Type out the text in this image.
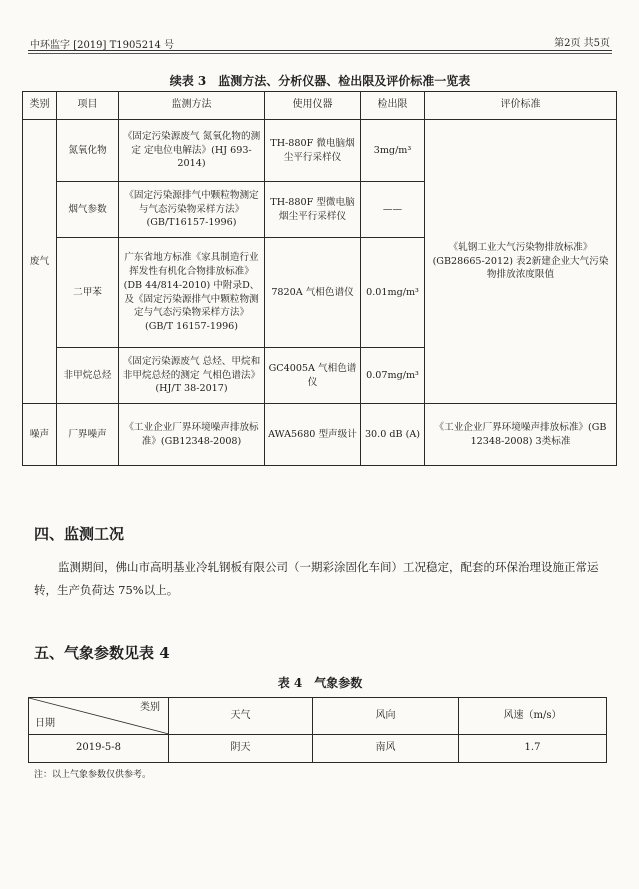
中环监字 [2019] T1905214 号	第2页 共5页
续表 3　监测方法、分析仪器、检出限及评价标准一览表
类别	项目	监测方法	使用仪器	检出限	评价标准
废气	氮氧化物	《固定污染源废气 氮氧化物的测定 定电位电解法》(HJ 693-2014)	TH-880F 微电脑烟尘平行采样仪	3mg/m³	《轧钢工业大气污染物排放标准》(GB28665-2012) 表2新建企业大气污染物排放浓度限值
	烟气参数	《固定污染源排气中颗粒物测定与气态污染物采样方法》(GB/T16157-1996)	TH-880F 型微电脑烟尘平行采样仪	——	
	二甲苯	广东省地方标准《家具制造行业挥发性有机化合物排放标准》(DB 44/814-2010) 中附录D、及《固定污染源排气中颗粒物测定与气态污染物采样方法》(GB/T 16157-1996)	7820A 气相色谱仪	0.01mg/m³	
	非甲烷总烃	《固定污染源废气 总烃、甲烷和非甲烷总烃的测定 气相色谱法》(HJ/T 38-2017)	GC4005A 气相色谱仪	0.07mg/m³	
噪声	厂界噪声	《工业企业厂界环境噪声排放标准》(GB12348-2008)	AWA5680 型声级计	30.0 dB (A)	《工业企业厂界环境噪声排放标准》(GB 12348-2008) 3类标准
四、监测工况
监测期间，佛山市高明基业冷轧钢板有限公司（一期彩涂固化车间）工况稳定，配套的环保治理设施正常运转，生产负荷达 75%以上。
五、气象参数见表 4
表 4　气象参数
类别
日期	天气	风向	风速（m/s）
2019-5-8	阴天	南风	1.7
注：以上气象参数仅供参考。
